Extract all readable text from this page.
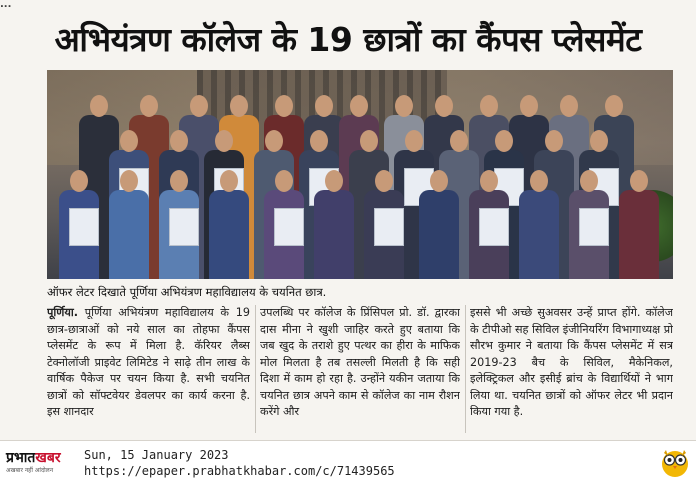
...
अभियंत्रण कॉलेज के 19 छात्रों का कैंपस प्लेसमेंट
ऑफर लेटर दिखाते पूर्णिया अभियंत्रण महाविद्यालय के चयनित छात्र.
पूर्णिया. पूर्णिया अभियंत्रण महाविद्यालय के 19 छात्र-छात्राओं को नये साल का तोहफा कैंपस प्लेसमेंट के रूप में मिला है. कॅरियर लैब्स टेक्नोलॉजी प्राइवेट लिमिटेड ने साढ़े तीन लाख के वार्षिक पैकेज पर चयन किया है. सभी चयनित छात्रों को सॉफ्टवेयर डेवलपर का कार्य करना है. इस शानदार
उपलब्धि पर कॉलेज के प्रिंसिपल प्रो. डॉ. द्वारका दास मीना ने खुशी जाहिर करते हुए बताया कि जब खुद के तराशे हुए पत्थर का हीरा के माफिक मोल मिलता है तब तसल्ली मिलती है कि सही दिशा में काम हो रहा है. उन्होंने यकीन जताया कि चयनित छात्र अपने काम से कॉलेज का नाम रौशन करेंगे और
इससे भी अच्छे सुअवसर उन्हें प्राप्त होंगे. कॉलेज के टीपीओ सह सिविल इंजीनियरिंग विभागाध्यक्ष प्रो सौरभ कुमार ने बताया कि कैंपस प्लेसमेंट में सत्र 2019-23 बैच के सिविल, मैकेनिकल, इलेक्ट्रिकल और इसीई ब्रांच के विद्यार्थियों ने भाग लिया था. चयनित छात्रों को ऑफर लेटर भी प्रदान किया गया है.
प्रभातखबर
अखबार नहीं आंदोलन
Sun, 15 January 2023
https://epaper.prabhatkhabar.com/c/71439565
